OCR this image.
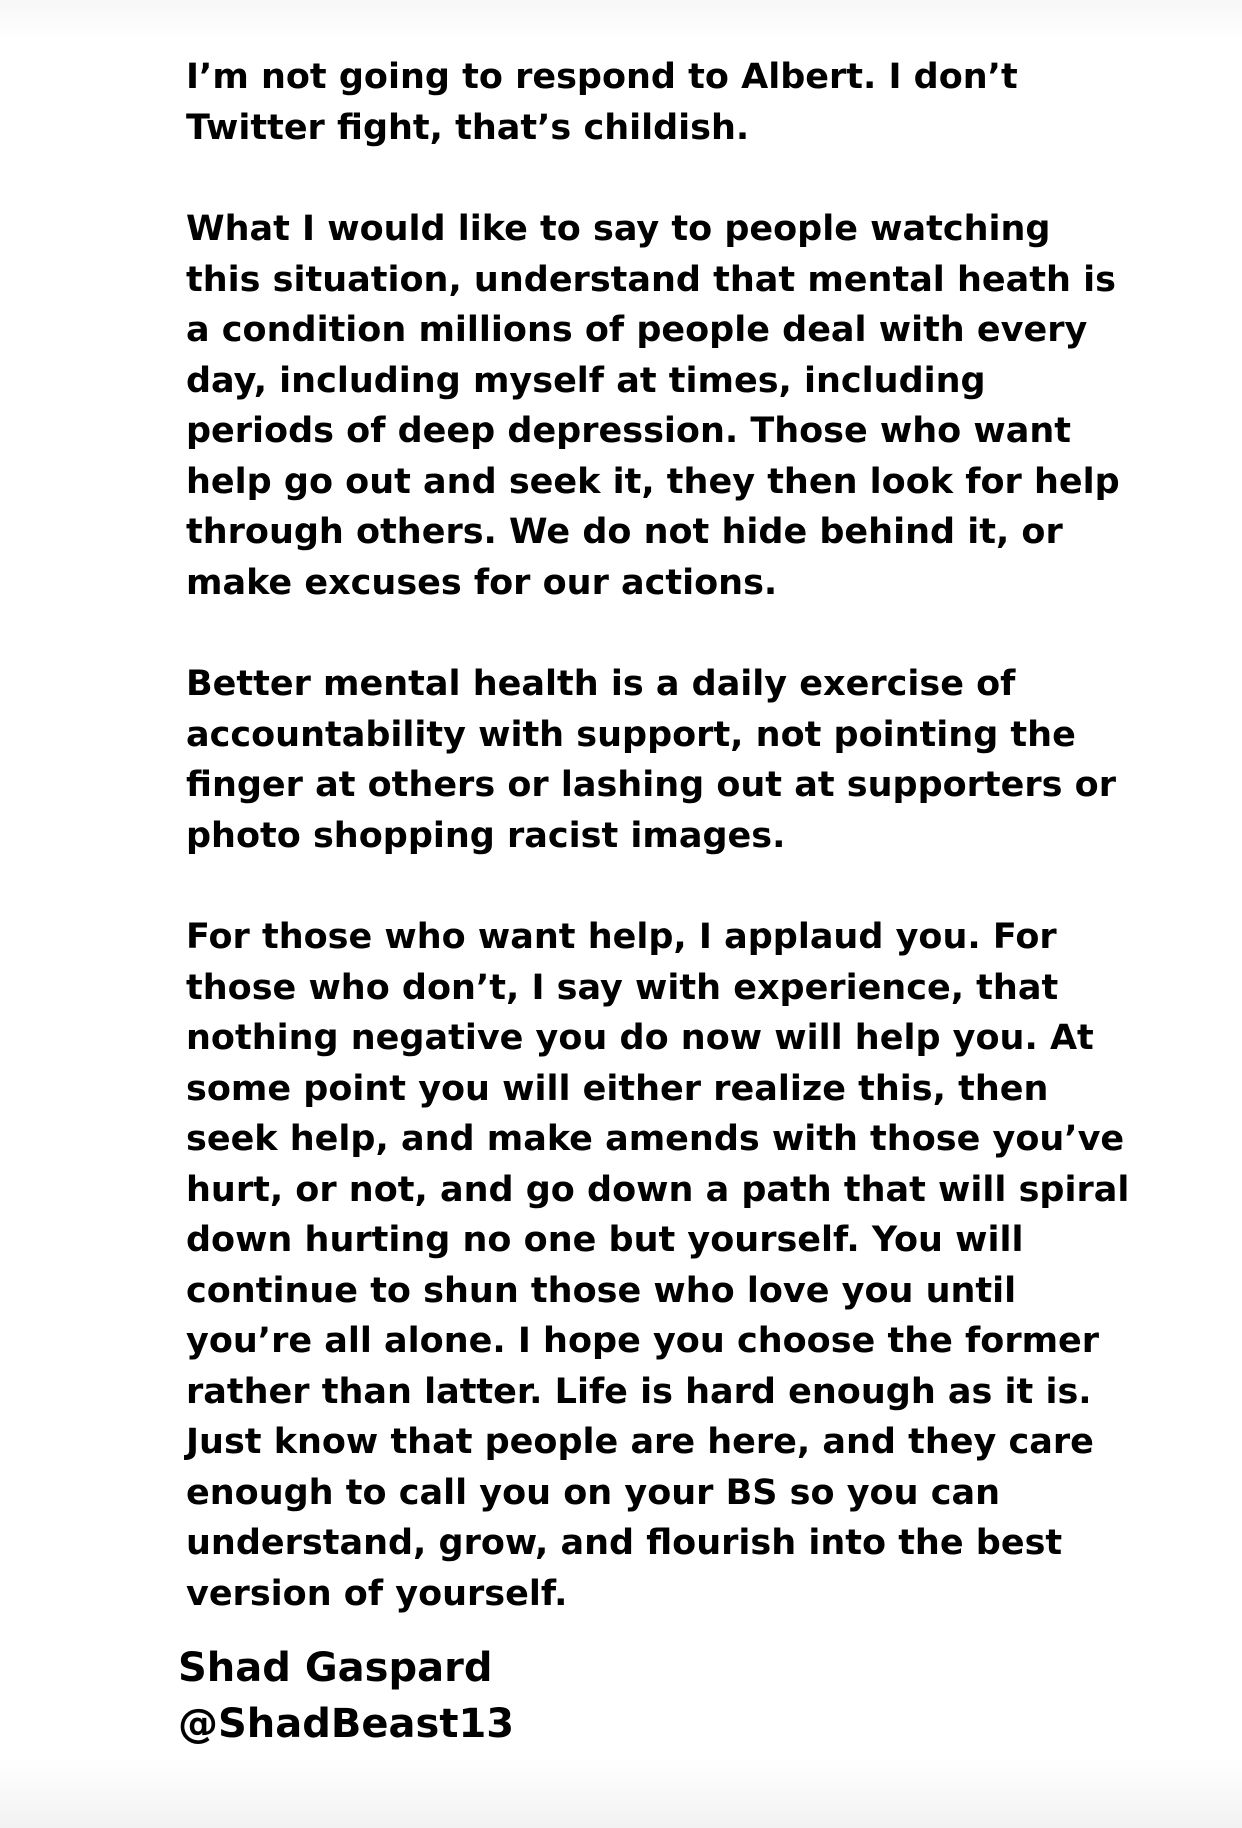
I’m not going to respond to Albert. I don’t
Twitter fight, that’s childish.

What I would like to say to people watching
this situation, understand that mental heath is
a condition millions of people deal with every
day, including myself at times, including
periods of deep depression. Those who want
help go out and seek it, they then look for help
through others. We do not hide behind it, or
make excuses for our actions.

Better mental health is a daily exercise of
accountability with support, not pointing the
finger at others or lashing out at supporters or
photo shopping racist images.

For those who want help, I applaud you. For
those who don’t, I say with experience, that
nothing negative you do now will help you. At
some point you will either realize this, then
seek help, and make amends with those you’ve
hurt, or not, and go down a path that will spiral
down hurting no one but yourself. You will
continue to shun those who love you until
you’re all alone. I hope you choose the former
rather than latter. Life is hard enough as it is.
Just know that people are here, and they care
enough to call you on your BS so you can
understand, grow, and flourish into the best
version of yourself.

Shad Gaspard
@ShadBeast13
